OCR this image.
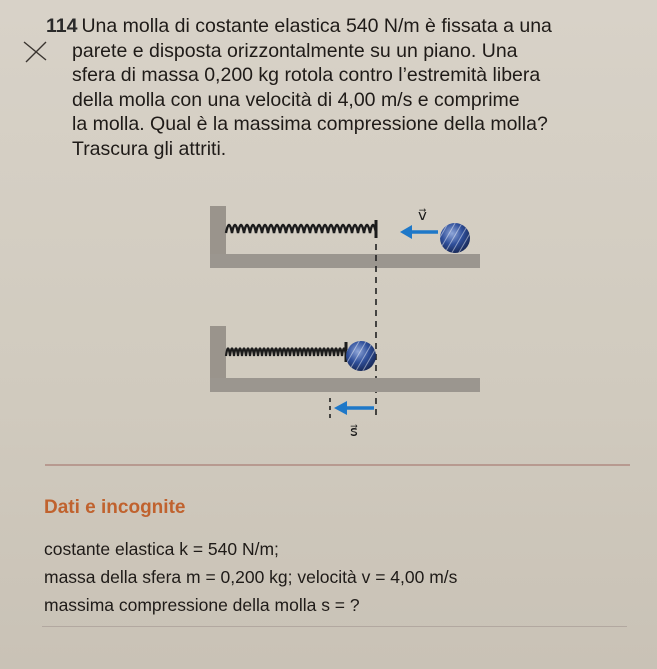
114 Una molla di costante elastica 540 N/m è fissata a una
parete e disposta orizzontalmente su un piano. Una
sfera di massa 0,200 kg rotola contro l’estremità libera
della molla con una velocità di 4,00 m/s e comprime
la molla. Qual è la massima compressione della molla?
Trascura gli attriti.
v⃗
s⃗
Dati e incognite
costante elastica k = 540 N/m;
massa della sfera m = 0,200 kg; velocità v = 4,00 m/s
massima compressione della molla s = ?
